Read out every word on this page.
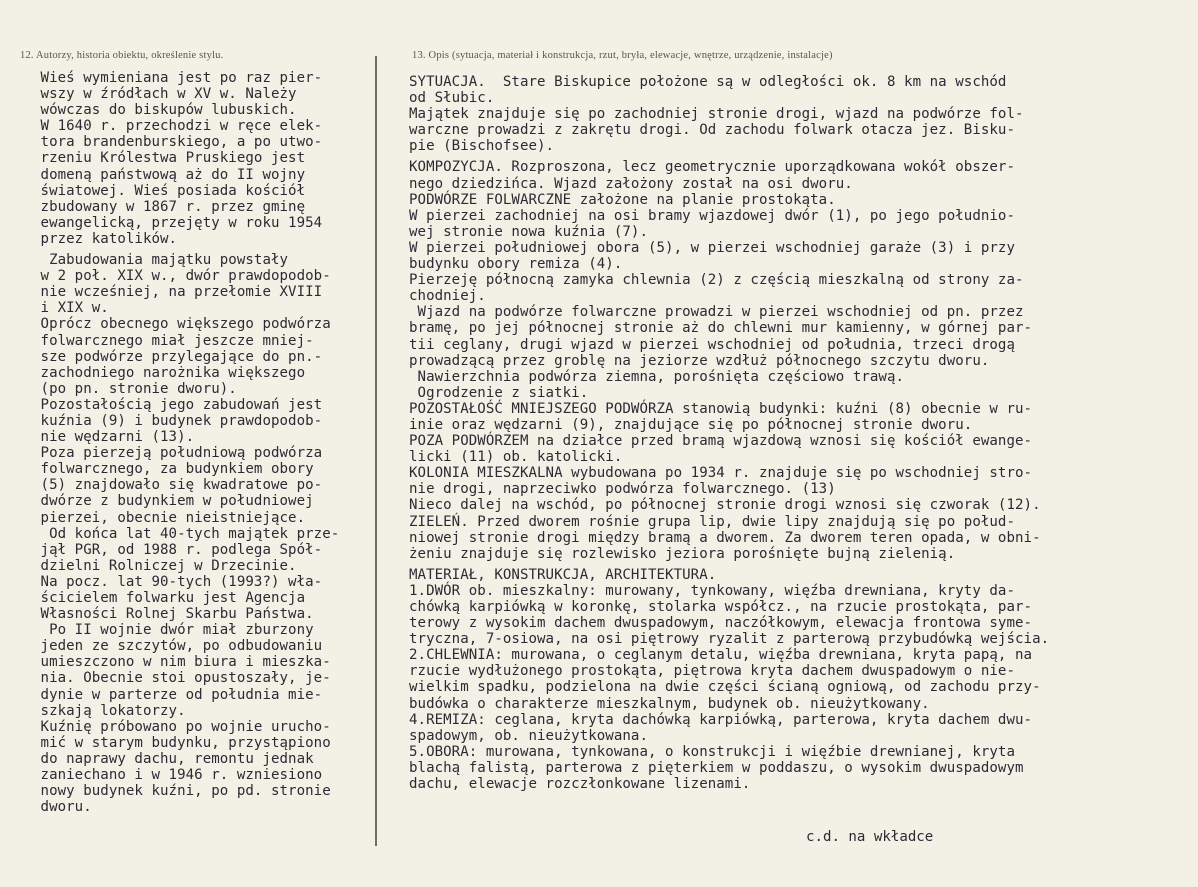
12. Autorzy, historia obiektu, określenie stylu.	13. Opis (sytuacja, materiał i konstrukcja, rzut, bryła, elewacje, wnętrze, urządzenie, instalacje)
Wieś wymieniana jest po raz pier-
wszy w źródłach w XV w. Należy
wówczas do biskupów lubuskich.
W 1640 r. przechodzi w ręce elek-
tora brandenburskiego, a po utwo-
rzeniu Królestwa Pruskiego jest
domeną państwową aż do II wojny
światowej. Wieś posiada kościół
zbudowany w 1867 r. przez gminę
ewangelicką, przejęty w roku 1954
przez katolików.
Zabudowania majątku powstały
w 2 poł. XIX w., dwór prawdopodob-
nie wcześniej, na przełomie XVIII
i XIX w.
Oprócz obecnego większego podwórza
folwarcznego miał jeszcze mniej-
sze podwórze przylegające do pn.-
zachodniego narożnika większego
(po pn. stronie dworu).
Pozostałością jego zabudowań jest
kuźnia (9) i budynek prawdopodob-
nie wędzarni (13).
Poza pierzeją południową podwórza
folwarcznego, za budynkiem obory
(5) znajdowało się kwadratowe po-
dwórze z budynkiem w południowej
pierzei, obecnie nieistniejące.
Od końca lat 40-tych majątek prze-
jął PGR, od 1988 r. podlega Spół-
dzielni Rolniczej w Drzecinie.
Na pocz. lat 90-tych (1993?) wła-
ścicielem folwarku jest Agencja
Własności Rolnej Skarbu Państwa.
Po II wojnie dwór miał zburzony
jeden ze szczytów, po odbudowaniu
umieszczono w nim biura i mieszka-
nia. Obecnie stoi opustoszały, je-
dynie w parterze od południa mie-
szkają lokatorzy.
Kuźnię próbowano po wojnie urucho-
mić w starym budynku, przystąpiono
do naprawy dachu, remontu jednak
zaniechano i w 1946 r. wzniesiono
nowy budynek kuźni, po pd. stronie
dworu.
SYTUACJA.  Stare Biskupice położone są w odległości ok. 8 km na wschód
od Słubic.
Majątek znajduje się po zachodniej stronie drogi, wjazd na podwórze fol-
warczne prowadzi z zakrętu drogi. Od zachodu folwark otacza jez. Bisku-
pie (Bischofsee).
KOMPOZYCJA. Rozproszona, lecz geometrycznie uporządkowana wokół obszer-
nego dziedzińca. Wjazd założony został na osi dworu.
PODWÓRZE FOLWARCZNE założone na planie prostokąta.
W pierzei zachodniej na osi bramy wjazdowej dwór (1), po jego południo-
wej stronie nowa kuźnia (7).
W pierzei południowej obora (5), w pierzei wschodniej garaże (3) i przy
budynku obory remiza (4).
Pierzeję północną zamyka chlewnia (2) z częścią mieszkalną od strony za-
chodniej.
Wjazd na podwórze folwarczne prowadzi w pierzei wschodniej od pn. przez
bramę, po jej północnej stronie aż do chlewni mur kamienny, w górnej par-
tii ceglany, drugi wjazd w pierzei wschodniej od południa, trzeci drogą
prowadzącą przez groblę na jeziorze wzdłuż północnego szczytu dworu.
Nawierzchnia podwórza ziemna, porośnięta częściowo trawą.
Ogrodzenie z siatki.
POZOSTAŁOŚĆ MNIEJSZEGO PODWÓRZA stanowią budynki: kuźni (8) obecnie w ru-
inie oraz wędzarni (9), znajdujące się po północnej stronie dworu.
POZA PODWÓRZEM na działce przed bramą wjazdową wznosi się kościół ewange-
licki (11) ob. katolicki.
KOLONIA MIESZKALNA wybudowana po 1934 r. znajduje się po wschodniej stro-
nie drogi, naprzeciwko podwórza folwarcznego. (13)
Nieco dalej na wschód, po północnej stronie drogi wznosi się czworak (12).
ZIELEŃ. Przed dworem rośnie grupa lip, dwie lipy znajdują się po połud-
niowej stronie drogi między bramą a dworem. Za dworem teren opada, w obni-
żeniu znajduje się rozlewisko jeziora porośnięte bujną zielenią.
MATERIAŁ, KONSTRUKCJA, ARCHITEKTURA.
1.DWÓR ob. mieszkalny: murowany, tynkowany, więźba drewniana, kryty da-
chówką karpiówką w koronkę, stolarka współcz., na rzucie prostokąta, par-
terowy z wysokim dachem dwuspadowym, naczółkowym, elewacja frontowa syme-
tryczna, 7-osiowa, na osi piętrowy ryzalit z parterową przybudówką wejścia.
2.CHLEWNIA: murowana, o ceglanym detalu, więźba drewniana, kryta papą, na
rzucie wydłużonego prostokąta, piętrowa kryta dachem dwuspadowym o nie-
wielkim spadku, podzielona na dwie części ścianą ogniową, od zachodu przy-
budówka o charakterze mieszkalnym, budynek ob. nieużytkowany.
4.REMIZA: ceglana, kryta dachówką karpiówką, parterowa, kryta dachem dwu-
spadowym, ob. nieużytkowana.
5.OBORA: murowana, tynkowana, o konstrukcji i więźbie drewnianej, kryta
blachą falistą, parterowa z pięterkiem w poddaszu, o wysokim dwuspadowym
dachu, elewacje rozczłonkowane lizenami.
c.d. na wkładce
